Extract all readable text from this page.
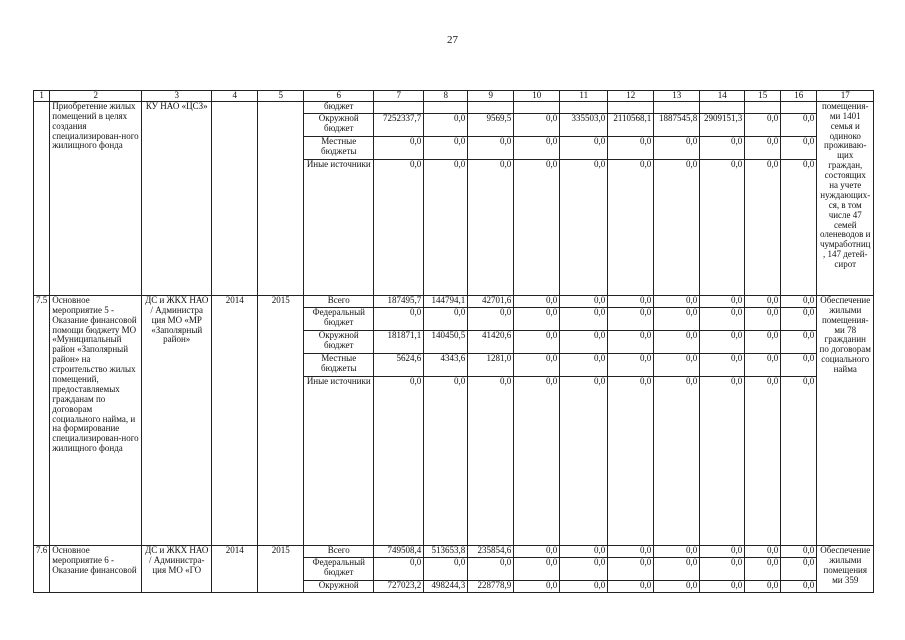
27
1	2	3	4	5	6	7	8	9	10	11	12	13	14	15	16	17
	Приобретение жилых помещений в целях создания специализирован-ного жилищного фонда	КУ НАО «ЦСЗ»			бюджет											помещения-ми 1401 семья и одиноко проживаю-щих граждан, состоящих на учете нуждающих-ся, в том числе 47 семей оленеводов и чумработниц , 147 детей-сирот
					Окружной бюджет	7252337,7	0,0	9569,5	0,0	335503,0	2110568,1	1887545,8	2909151,3	0,0	0,0	
					Местные бюджеты	0,0	0,0	0,0	0,0	0,0	0,0	0,0	0,0	0,0	0,0	
					Иные источники	0,0	0,0	0,0	0,0	0,0	0,0	0,0	0,0	0,0	0,0	
7.5	Основное мероприятие 5 - Оказание финансовой помощи бюджету МО «Муниципальный район «Заполярный район» на строительство жилых помещений, предоставляемых гражданам по договорам социального найма, и на формирование специализирован-ного жилищного фонда	ДС и ЖКХ НАО / Администра ция МО «МР «Заполярный район»	2014	2015	Всего	187495,7	144794,1	42701,6	0,0	0,0	0,0	0,0	0,0	0,0	0,0	Обеспечение жилыми помещения-ми 78 гражданин по договорам социального найма
					Федеральный бюджет	0,0	0,0	0,0	0,0	0,0	0,0	0,0	0,0	0,0	0,0	
					Окружной бюджет	181871,1	140450,5	41420,6	0,0	0,0	0,0	0,0	0,0	0,0	0,0	
					Местные бюджеты	5624,6	4343,6	1281,0	0,0	0,0	0,0	0,0	0,0	0,0	0,0	
					Иные источники	0,0	0,0	0,0	0,0	0,0	0,0	0,0	0,0	0,0	0,0	
7.6	Основное мероприятие 6 - Оказание финансовой	ДС и ЖКХ НАО / Администра-ция МО «ГО	2014	2015	Всего	749508,4	513653,8	235854,6	0,0	0,0	0,0	0,0	0,0	0,0	0,0	Обеспечение жилыми помещения ми 359
					Федеральный бюджет	0,0	0,0	0,0	0,0	0,0	0,0	0,0	0,0	0,0	0,0	
					Окружной	727023,2	498244,3	228778,9	0,0	0,0	0,0	0,0	0,0	0,0	0,0	
